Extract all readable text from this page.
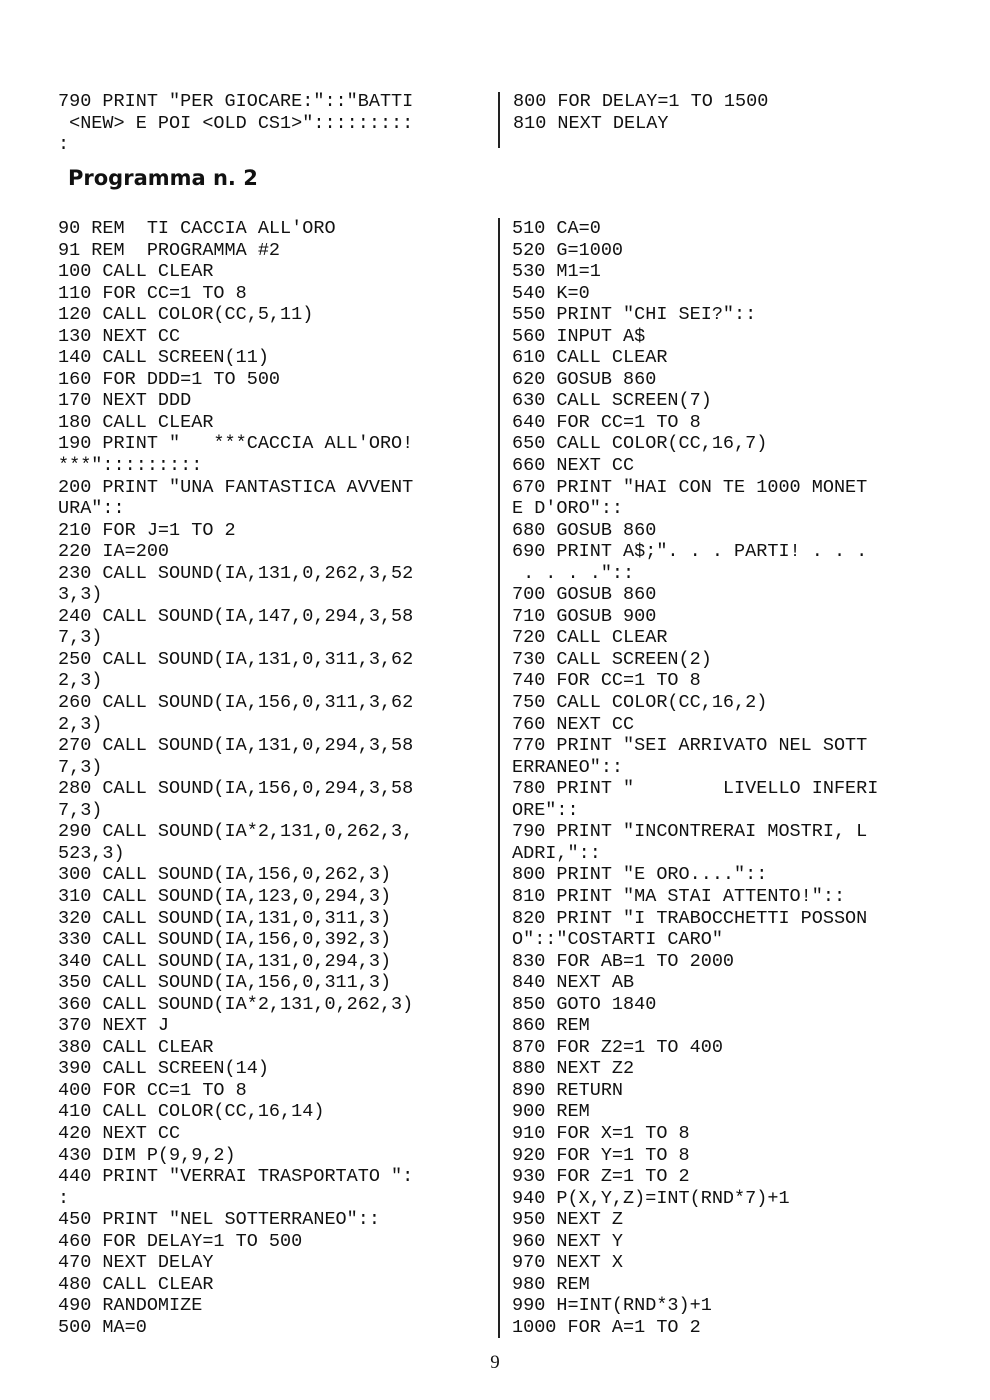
790 PRINT "PER GIOCARE:"::"BATTI
<NEW> E POI <OLD CS1>":::::::::
:
800 FOR DELAY=1 TO 1500
810 NEXT DELAY
Programma n. 2
90 REM  TI CACCIA ALL'ORO
91 REM  PROGRAMMA #2
100 CALL CLEAR
110 FOR CC=1 TO 8
120 CALL COLOR(CC,5,11)
130 NEXT CC
140 CALL SCREEN(11)
160 FOR DDD=1 TO 500
170 NEXT DDD
180 CALL CLEAR
190 PRINT "   ***CACCIA ALL'ORO!
***":::::::::
200 PRINT "UNA FANTASTICA AVVENT
URA"::
210 FOR J=1 TO 2
220 IA=200
230 CALL SOUND(IA,131,0,262,3,52
3,3)
240 CALL SOUND(IA,147,0,294,3,58
7,3)
250 CALL SOUND(IA,131,0,311,3,62
2,3)
260 CALL SOUND(IA,156,0,311,3,62
2,3)
270 CALL SOUND(IA,131,0,294,3,58
7,3)
280 CALL SOUND(IA,156,0,294,3,58
7,3)
290 CALL SOUND(IA*2,131,0,262,3,
523,3)
300 CALL SOUND(IA,156,0,262,3)
310 CALL SOUND(IA,123,0,294,3)
320 CALL SOUND(IA,131,0,311,3)
330 CALL SOUND(IA,156,0,392,3)
340 CALL SOUND(IA,131,0,294,3)
350 CALL SOUND(IA,156,0,311,3)
360 CALL SOUND(IA*2,131,0,262,3)
370 NEXT J
380 CALL CLEAR
390 CALL SCREEN(14)
400 FOR CC=1 TO 8
410 CALL COLOR(CC,16,14)
420 NEXT CC
430 DIM P(9,9,2)
440 PRINT "VERRAI TRASPORTATO ":
:
450 PRINT "NEL SOTTERRANEO"::
460 FOR DELAY=1 TO 500
470 NEXT DELAY
480 CALL CLEAR
490 RANDOMIZE
500 MA=0
510 CA=0
520 G=1000
530 M1=1
540 K=0
550 PRINT "CHI SEI?"::
560 INPUT A$
610 CALL CLEAR
620 GOSUB 860
630 CALL SCREEN(7)
640 FOR CC=1 TO 8
650 CALL COLOR(CC,16,7)
660 NEXT CC
670 PRINT "HAI CON TE 1000 MONET
E D'ORO"::
680 GOSUB 860
690 PRINT A$;". . . PARTI! . . .
. . . ."::
700 GOSUB 860
710 GOSUB 900
720 CALL CLEAR
730 CALL SCREEN(2)
740 FOR CC=1 TO 8
750 CALL COLOR(CC,16,2)
760 NEXT CC
770 PRINT "SEI ARRIVATO NEL SOTT
ERRANEO"::
780 PRINT "        LIVELLO INFERI
ORE"::
790 PRINT "INCONTRERAI MOSTRI, L
ADRI,"::
800 PRINT "E ORO...."::
810 PRINT "MA STAI ATTENTO!"::
820 PRINT "I TRABOCCHETTI POSSON
O"::"COSTARTI CARO"
830 FOR AB=1 TO 2000
840 NEXT AB
850 GOTO 1840
860 REM
870 FOR Z2=1 TO 400
880 NEXT Z2
890 RETURN
900 REM
910 FOR X=1 TO 8
920 FOR Y=1 TO 8
930 FOR Z=1 TO 2
940 P(X,Y,Z)=INT(RND*7)+1
950 NEXT Z
960 NEXT Y
970 NEXT X
980 REM
990 H=INT(RND*3)+1
1000 FOR A=1 TO 2
9
